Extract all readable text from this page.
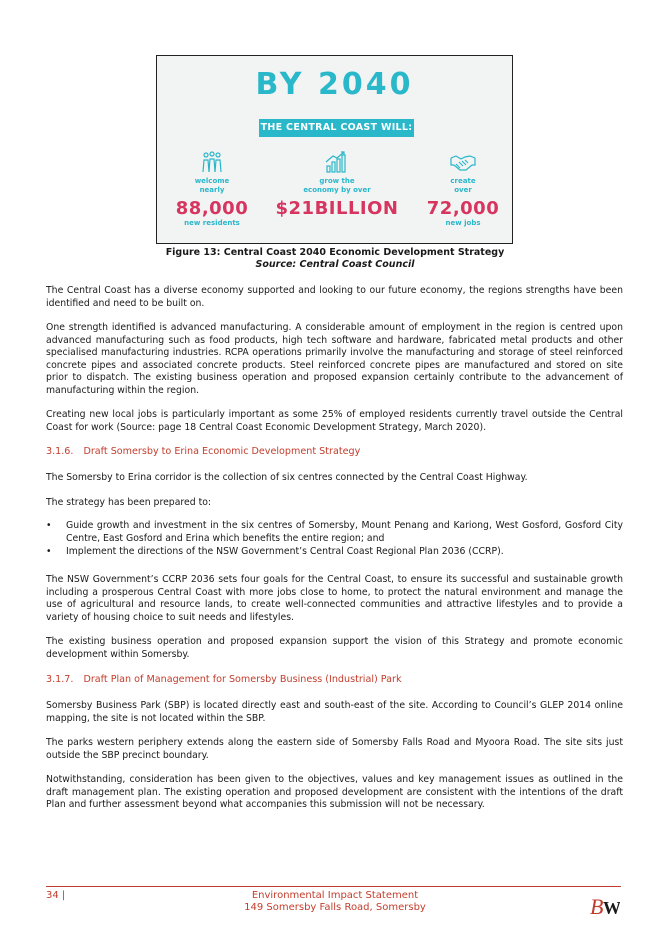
BY 2040
THE CENTRAL COAST WILL:
welcome
nearly
88,000
new residents
grow the
economy by over
$21BILLION
create
over
72,000
new jobs
Figure 13: Central Coast 2040 Economic Development Strategy
Source: Central Coast Council
The Central Coast has a diverse economy supported and looking to our future economy, the regions strengths have been identified and need to be built on.
One strength identified is advanced manufacturing. A considerable amount of employment in the region is centred upon advanced manufacturing such as food products, high tech software and hardware, fabricated metal products and other specialised manufacturing industries. RCPA operations primarily involve the manufacturing and storage of steel reinforced concrete pipes and associated concrete products. Steel reinforced concrete pipes are manufactured and stored on site prior to dispatch. The existing business operation and proposed expansion certainly contribute to the advancement of manufacturing within the region.
Creating new local jobs is particularly important as some 25% of employed residents currently travel outside the Central Coast for work (Source: page 18 Central Coast Economic Development Strategy, March 2020).
3.1.6. Draft Somersby to Erina Economic Development Strategy
The Somersby to Erina corridor is the collection of six centres connected by the Central Coast Highway.
The strategy has been prepared to:
• Guide growth and investment in the six centres of Somersby, Mount Penang and Kariong, West Gosford, Gosford City Centre, East Gosford and Erina which benefits the entire region; and
• Implement the directions of the NSW Government’s Central Coast Regional Plan 2036 (CCRP).
The NSW Government’s CCRP 2036 sets four goals for the Central Coast, to ensure its successful and sustainable growth including a prosperous Central Coast with more jobs close to home, to protect the natural environment and manage the use of agricultural and resource lands, to create well-connected communities and attractive lifestyles and to provide a variety of housing choice to suit needs and lifestyles.
The existing business operation and proposed expansion support the vision of this Strategy and promote economic development within Somersby.
3.1.7. Draft Plan of Management for Somersby Business (Industrial) Park
Somersby Business Park (SBP) is located directly east and south-east of the site. According to Council’s GLEP 2014 online mapping, the site is not located within the SBP.
The parks western periphery extends along the eastern side of Somersby Falls Road and Myoora Road. The site sits just outside the SBP precinct boundary.
Notwithstanding, consideration has been given to the objectives, values and key management issues as outlined in the draft management plan. The existing operation and proposed development are consistent with the intentions of the draft Plan and further assessment beyond what accompanies this submission will not be necessary.
34 |	Environmental Impact Statement
149 Somersby Falls Road, Somersby	B W
